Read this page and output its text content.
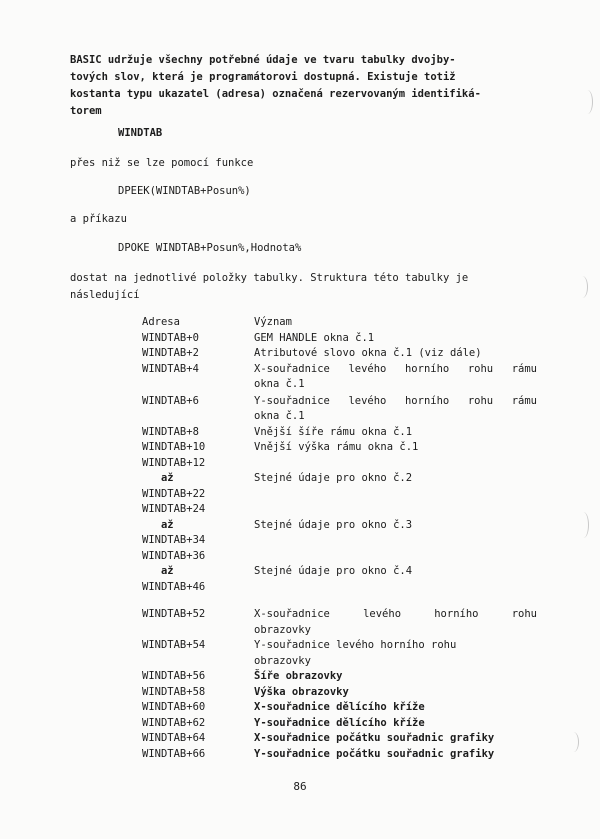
BASIC udržuje všechny potřebné údaje ve tvaru tabulky dvojby-
tových slov, která je programátorovi dostupná. Existuje totiž
kostanta typu ukazatel (adresa) označená rezervovaným identifiká-
torem
WINDTAB
přes niž se lze pomocí funkce
DPEEK(WINDTAB+Posun%)
a příkazu
DPOKE WINDTAB+Posun%,Hodnota%
dostat na jednotlivé položky tabulky. Struktura této tabulky je
následující
Adresa	Význam
WINDTAB+0	GEM HANDLE okna č.1
WINDTAB+2	Atributové slovo okna č.1 (viz dále)
WINDTAB+4	X-souřadnice levého horního rohu rámu
okna č.1
WINDTAB+6	Y-souřadnice levého horního rohu rámu
okna č.1
WINDTAB+8	Vnější šíře rámu okna č.1
WINDTAB+10	Vnější výška rámu okna č.1
WINDTAB+12
až	Stejné údaje pro okno č.2
WINDTAB+22
WINDTAB+24
až	Stejné údaje pro okno č.3
WINDTAB+34
WINDTAB+36
až	Stejné údaje pro okno č.4
WINDTAB+46
WINDTAB+52	X-souřadnice levého horního rohu
obrazovky
WINDTAB+54	Y-souřadnice levého horního rohu
obrazovky
WINDTAB+56	Šíře obrazovky
WINDTAB+58	Výška obrazovky
WINDTAB+60	X-souřadnice dělícího kříže
WINDTAB+62	Y-souřadnice dělícího kříže
WINDTAB+64	X-souřadnice počátku souřadnic grafiky
WINDTAB+66	Y-souřadnice počátku souřadnic grafiky
86
